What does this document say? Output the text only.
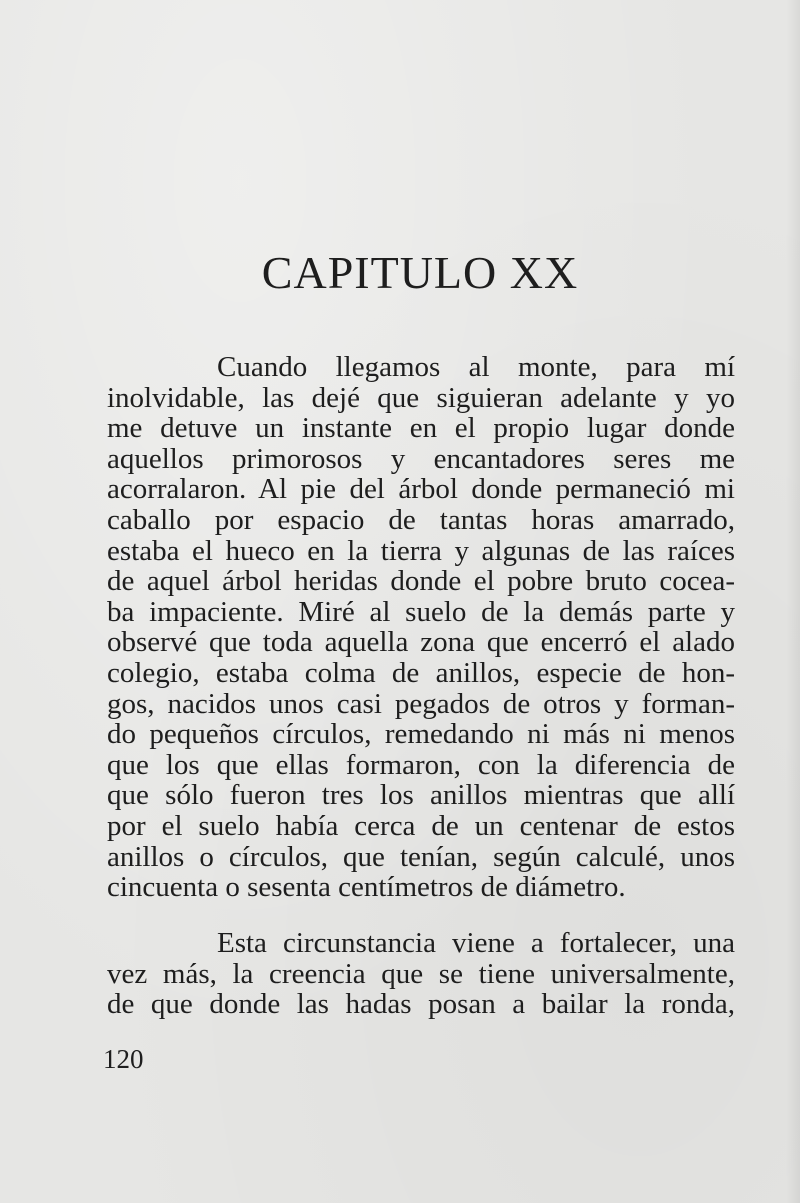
CAPITULO XX
Cuando llegamos al monte, para mí
inolvidable, las dejé que siguieran adelante y yo
me detuve un instante en el propio lugar donde
aquellos primorosos y encantadores seres me
acorralaron. Al pie del árbol donde permaneció mi
caballo por espacio de tantas horas amarrado,
estaba el hueco en la tierra y algunas de las raíces
de aquel árbol heridas donde el pobre bruto cocea-
ba impaciente. Miré al suelo de la demás parte y
observé que toda aquella zona que encerró el alado
colegio, estaba colma de anillos, especie de hon-
gos, nacidos unos casi pegados de otros y forman-
do pequeños círculos, remedando ni más ni menos
que los que ellas formaron, con la diferencia de
que sólo fueron tres los anillos mientras que allí
por el suelo había cerca de un centenar de estos
anillos o círculos, que tenían, según calculé, unos
cincuenta o sesenta centímetros de diámetro.
Esta circunstancia viene a fortalecer, una
vez más, la creencia que se tiene universalmente,
de que donde las hadas posan a bailar la ronda,
120
